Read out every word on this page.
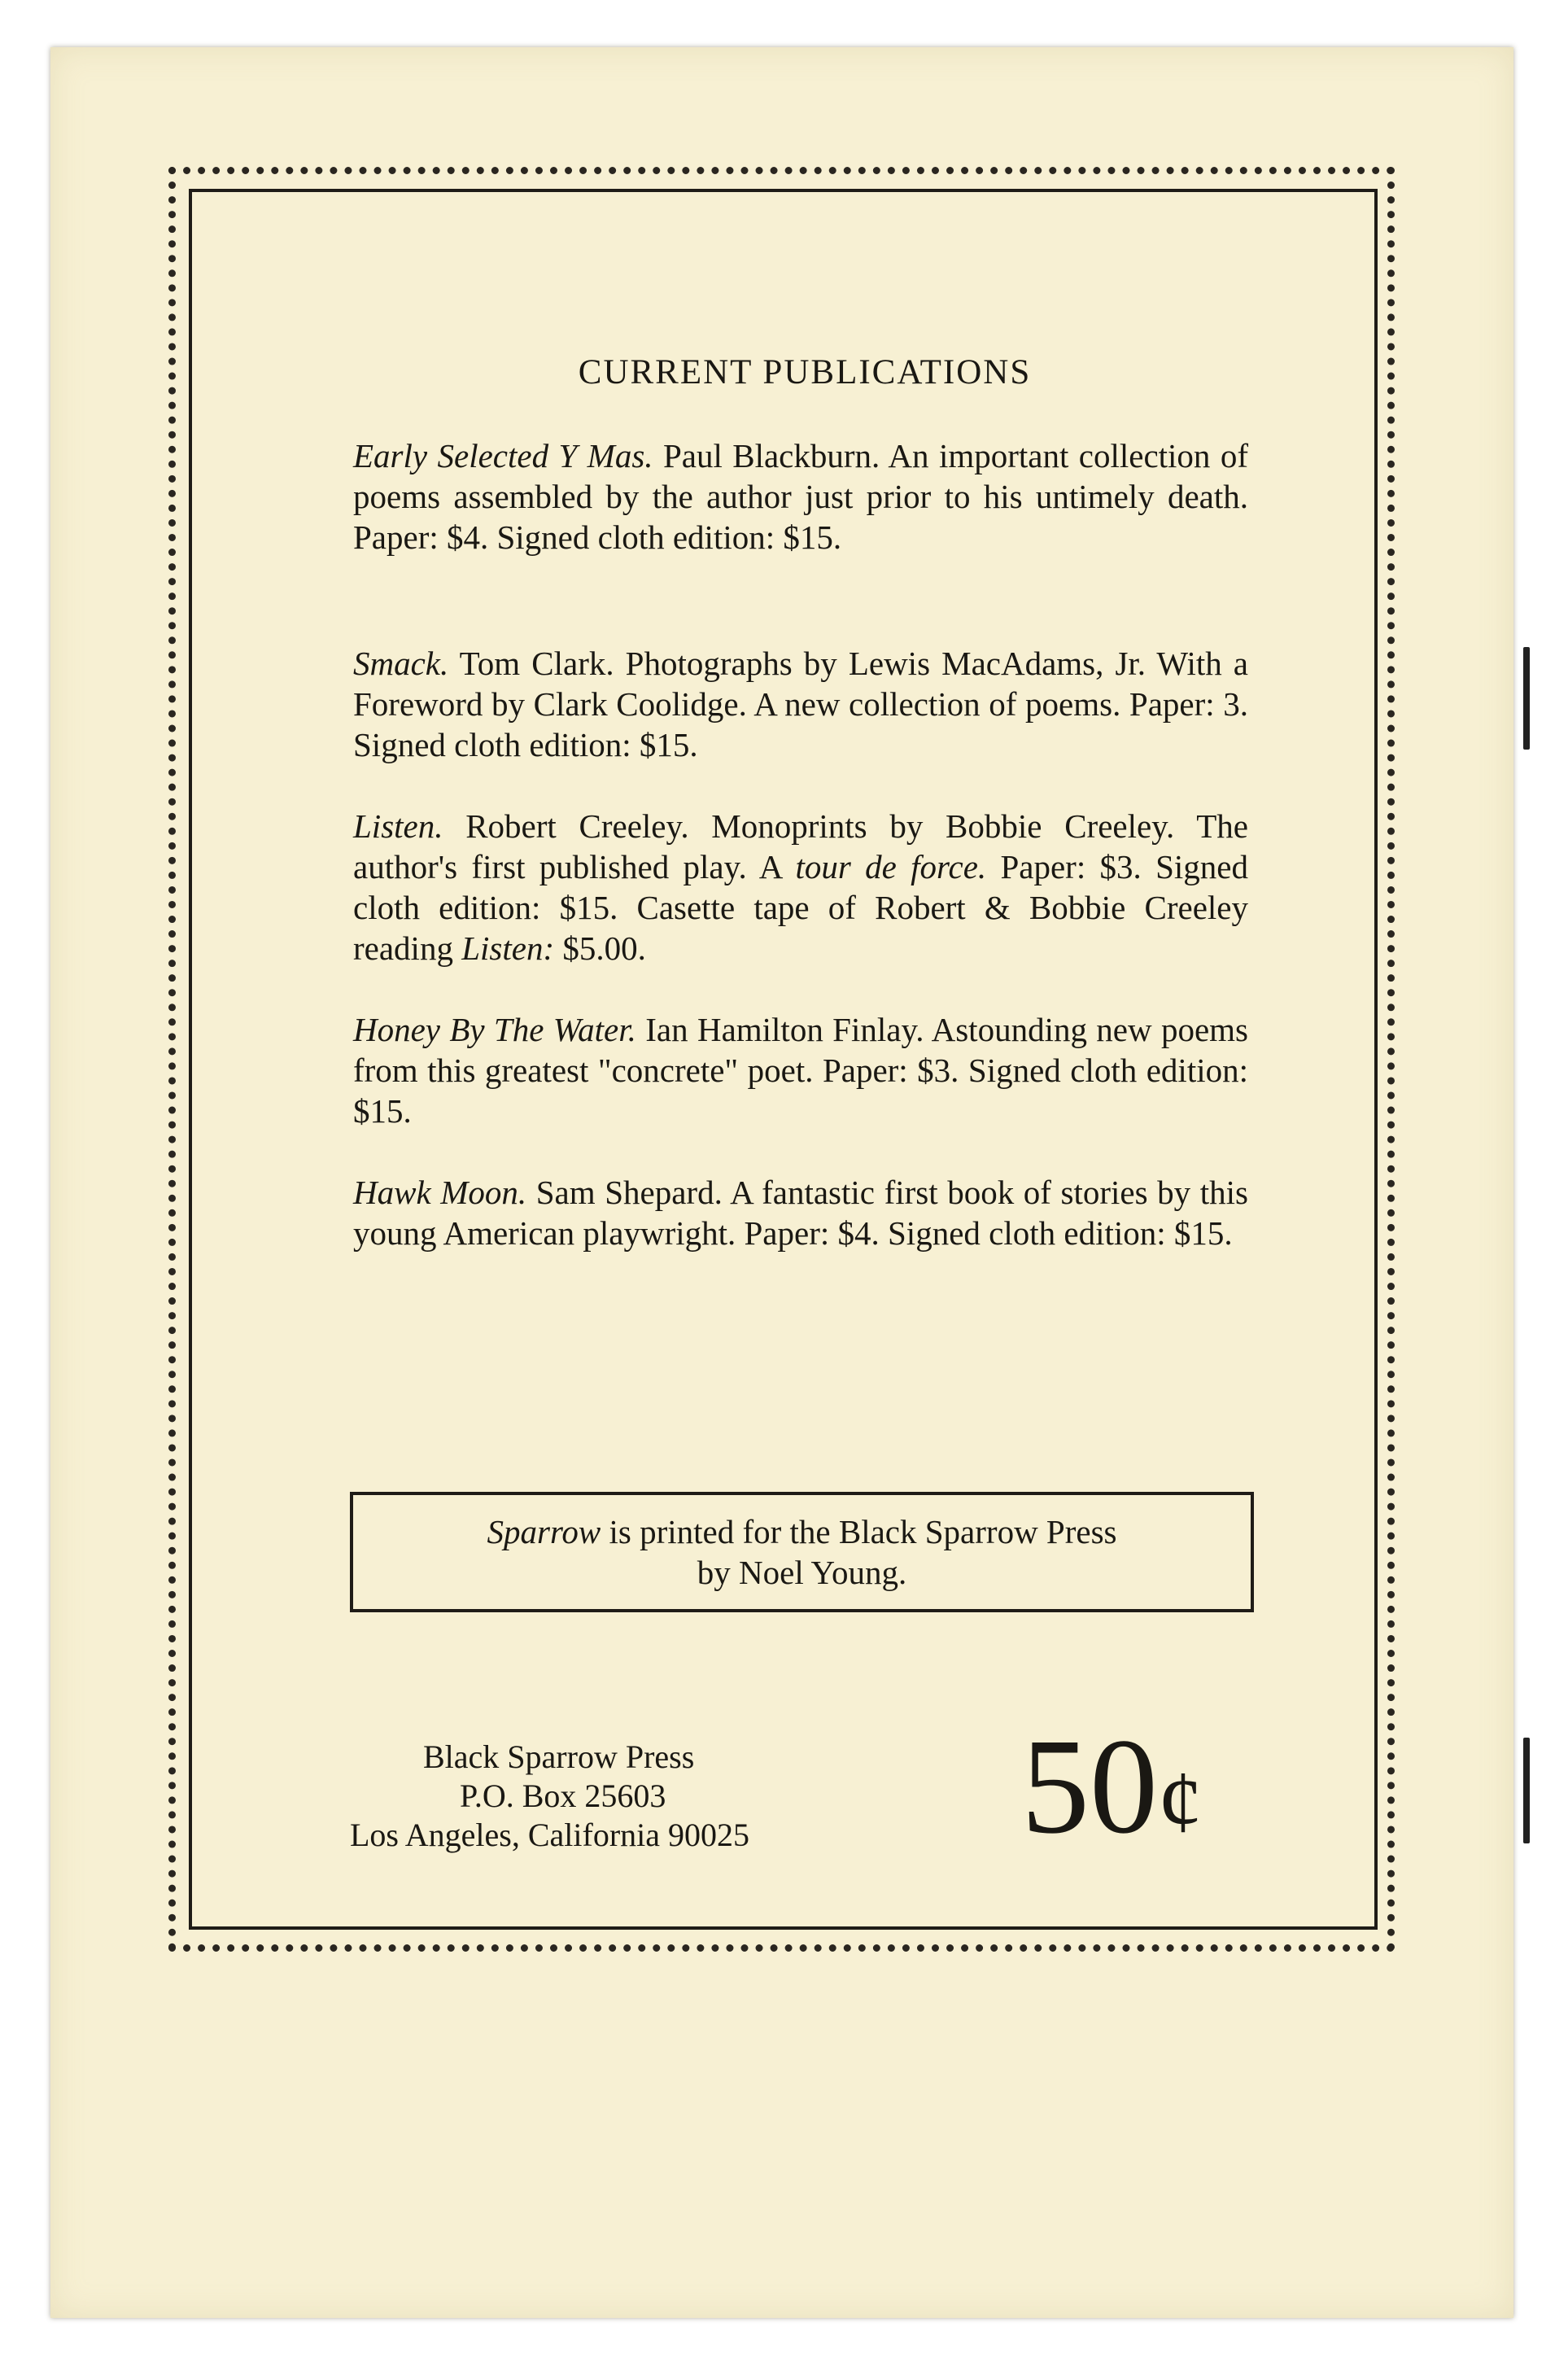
CURRENT PUBLICATIONS

Early Selected Y Mas. Paul Blackburn. An important collection of poems assembled by the author just prior to his untimely death. Paper: $4. Signed cloth edition: $15.

Smack. Tom Clark. Photographs by Lewis MacAdams, Jr. With a Foreword by Clark Coolidge. A new collection of poems. Paper: 3. Signed cloth edition: $15.

Listen. Robert Creeley. Monoprints by Bobbie Creeley. The author's first published play. A tour de force. Paper: $3. Signed cloth edition: $15. Casette tape of Robert & Bobbie Creeley reading Listen: $5.00.

Honey By The Water. Ian Hamilton Finlay. Astounding new poems from this greatest "concrete" poet. Paper: $3. Signed cloth edition: $15.

Hawk Moon. Sam Shepard. A fantastic first book of stories by this young American playwright. Paper: $4. Signed cloth edition: $15.

Sparrow is printed for the Black Sparrow Press
by Noel Young.
Black Sparrow Press
P.O. Box 25603
Los Angeles, California 90025	50¢
